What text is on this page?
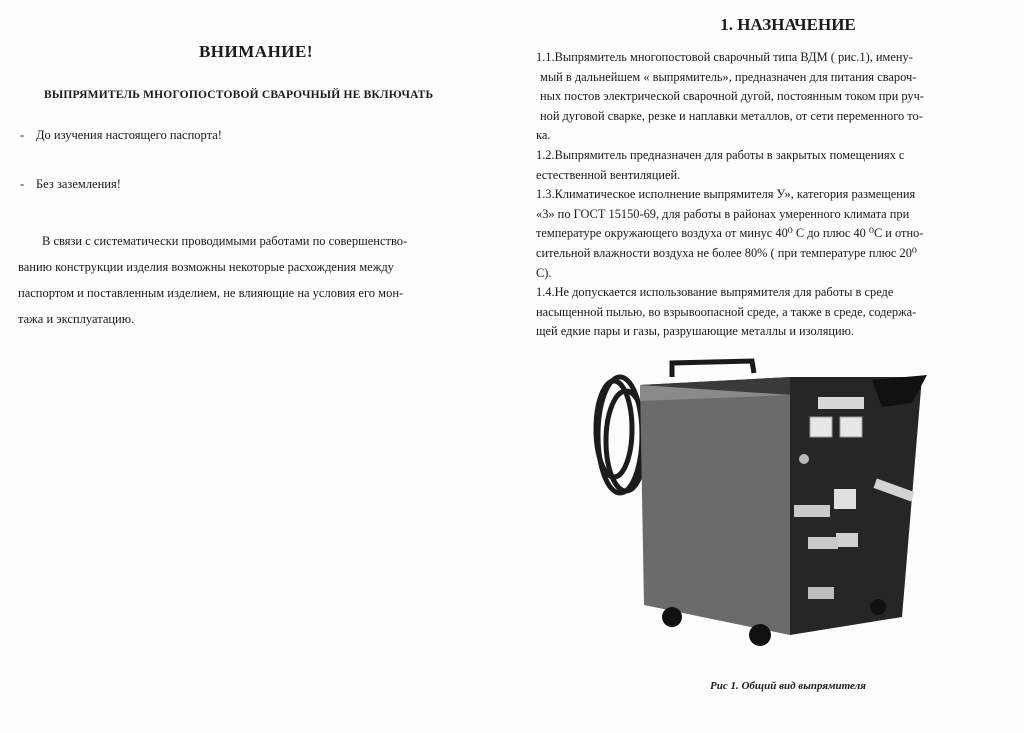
ВНИМАНИЕ!
ВЫПРЯМИТЕЛЬ МНОГОПОСТОВОЙ СВАРОЧНЫЙ НЕ ВКЛЮЧАТЬ
- До изучения настоящего паспорта!
- Без заземления!
В связи с систематически проводимыми работами по совершенство-
ванию конструкции изделия возможны некоторые расхождения между
паспортом и поставленным изделием, не влияющие на условия его мон-
тажа и эксплуатацию.
1. НАЗНАЧЕНИЕ
1.1.Выпрямитель многопостовой сварочный типа ВДМ ( рис.1), имену-
мый в дальнейшем « выпрямитель», предназначен для питания свароч-
ных постов электрической сварочной дугой, постоянным током при руч-
ной дуговой сварке, резке и наплавки металлов, от сети переменного то-
ка.
1.2.Выпрямитель предназначен для работы в закрытых помещениях с
естественной вентиляцией.
1.3.Климатическое исполнение выпрямителя У», категория размещения
«3» по ГОСТ 15150-69, для работы в районах умеренного климата при
температуре окружающего воздуха от минус 40⁰ С до плюс 40 ⁰С и отно-
сительной влажности воздуха не более 80% ( при температуре плюс 20⁰
С).
1.4.Не допускается использование выпрямителя для работы в среде
насыщенной пылью, во взрывоопасной среде, а также в среде, содержа-
щей едкие пары и газы, разрушающие металлы и изоляцию.
Рис 1. Общий вид выпрямителя
